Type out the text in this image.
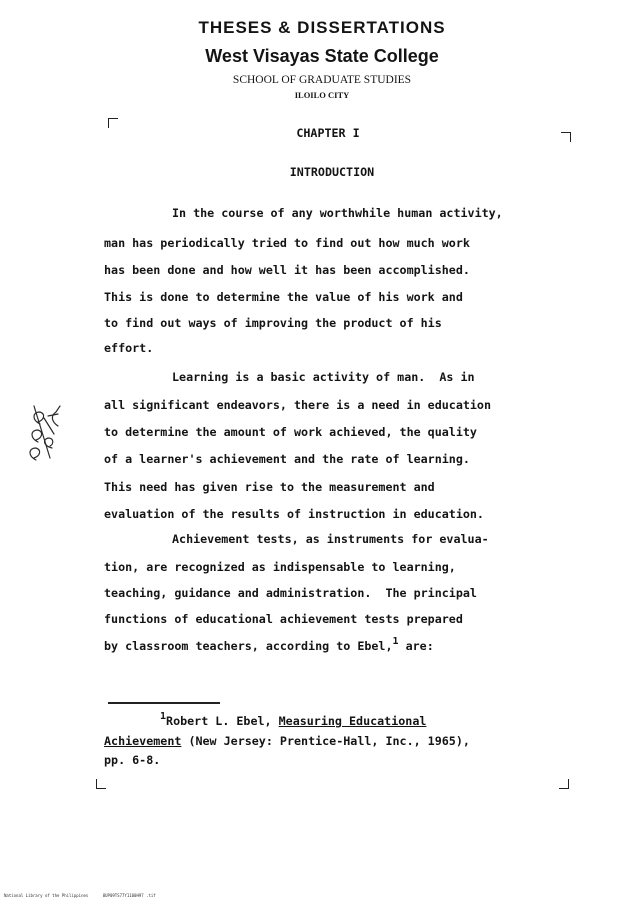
THESES & DISSERTATIONS
West Visayas State College
SCHOOL OF GRADUATE STUDIES
ILOILO CITY
CHAPTER I
INTRODUCTION
In the course of any worthwhile human activity,
man has periodically tried to find out how much work
has been done and how well it has been accomplished.
This is done to determine the value of his work and
to find out ways of improving the product of his
effort.
Learning is a basic activity of man.  As in
all significant endeavors, there is a need in education
to determine the amount of work achieved, the quality
of a learner's achievement and the rate of learning.
This need has given rise to the measurement and
evaluation of the results of instruction in education.
Achievement tests, as instruments for evalua-
tion, are recognized as indispensable to learning,
teaching, guidance and administration.  The principal
functions of educational achievement tests prepared
by classroom teachers, according to Ebel,1 are:
1Robert L. Ebel, Measuring Educational
Achievement (New Jersey: Prentice-Hall, Inc., 1965),
pp. 6-8.
National Library of the Philippines      0UP09TS77Y1100H97 .tif
